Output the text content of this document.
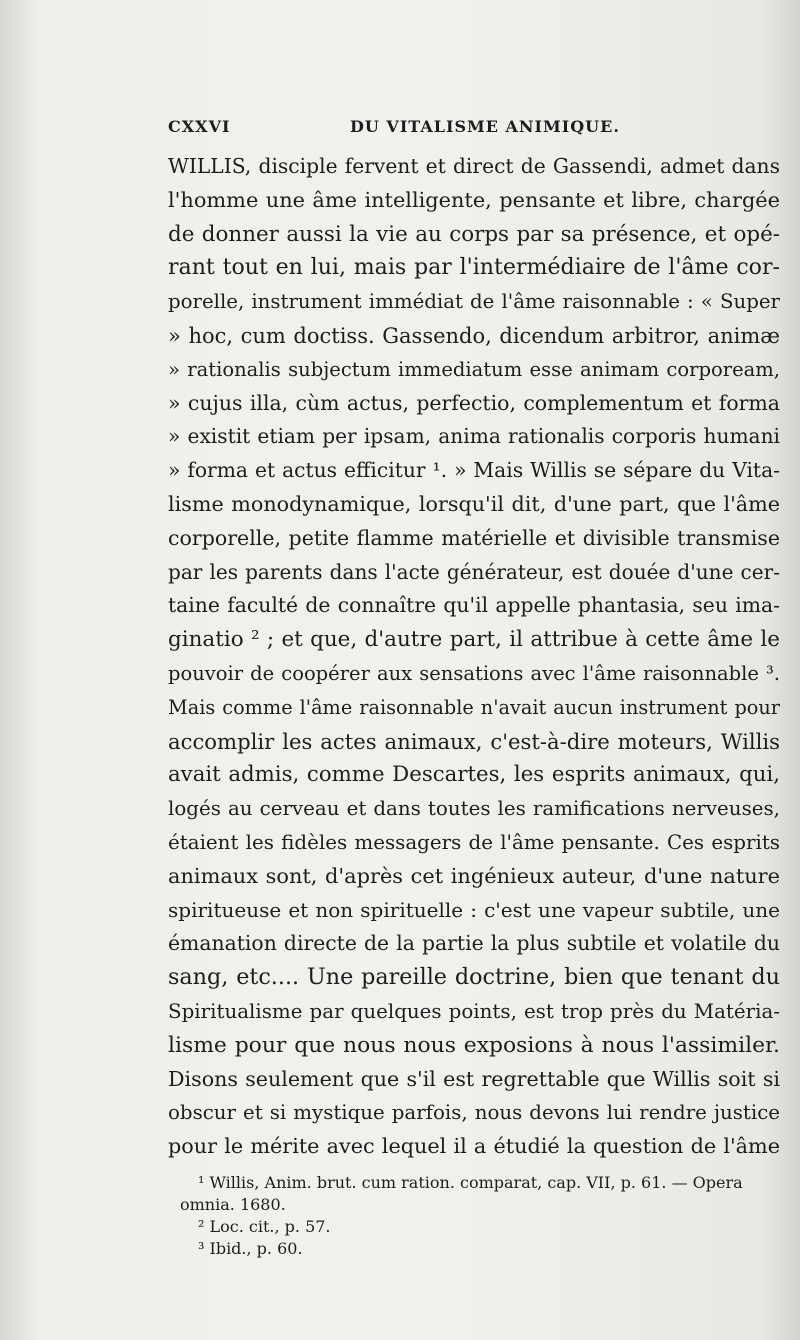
CXXVI	DU VITALISME ANIMIQUE.
WILLIS, disciple fervent et direct de Gassendi, admet dans
l'homme une âme intelligente, pensante et libre, chargée
de donner aussi la vie au corps par sa présence, et opé-
rant tout en lui, mais par l'intermédiaire de l'âme cor-
porelle, instrument immédiat de l'âme raisonnable : « Super
» hoc, cum doctiss. Gassendo, dicendum arbitror, animæ
» rationalis subjectum immediatum esse animam corpoream,
» cujus illa, cùm actus, perfectio, complementum et forma
» existit etiam per ipsam, anima rationalis corporis humani
» forma et actus efficitur ¹. » Mais Willis se sépare du Vita-
lisme monodynamique, lorsqu'il dit, d'une part, que l'âme
corporelle, petite flamme matérielle et divisible transmise
par les parents dans l'acte générateur, est douée d'une cer-
taine faculté de connaître qu'il appelle phantasia, seu ima-
ginatio ² ; et que, d'autre part, il attribue à cette âme le
pouvoir de coopérer aux sensations avec l'âme raisonnable ³.
Mais comme l'âme raisonnable n'avait aucun instrument pour
accomplir les actes animaux, c'est-à-dire moteurs, Willis
avait admis, comme Descartes, les esprits animaux, qui,
logés au cerveau et dans toutes les ramifications nerveuses,
étaient les fidèles messagers de l'âme pensante. Ces esprits
animaux sont, d'après cet ingénieux auteur, d'une nature
spiritueuse et non spirituelle : c'est une vapeur subtile, une
émanation directe de la partie la plus subtile et volatile du
sang, etc.... Une pareille doctrine, bien que tenant du
Spiritualisme par quelques points, est trop près du Matéria-
lisme pour que nous nous exposions à nous l'assimiler.
Disons seulement que s'il est regrettable que Willis soit si
obscur et si mystique parfois, nous devons lui rendre justice
pour le mérite avec lequel il a étudié la question de l'âme
¹ Willis, Anim. brut. cum ration. comparat, cap. VII, p. 61. — Opera
omnia. 1680.
² Loc. cit., p. 57.
³ Ibid., p. 60.
